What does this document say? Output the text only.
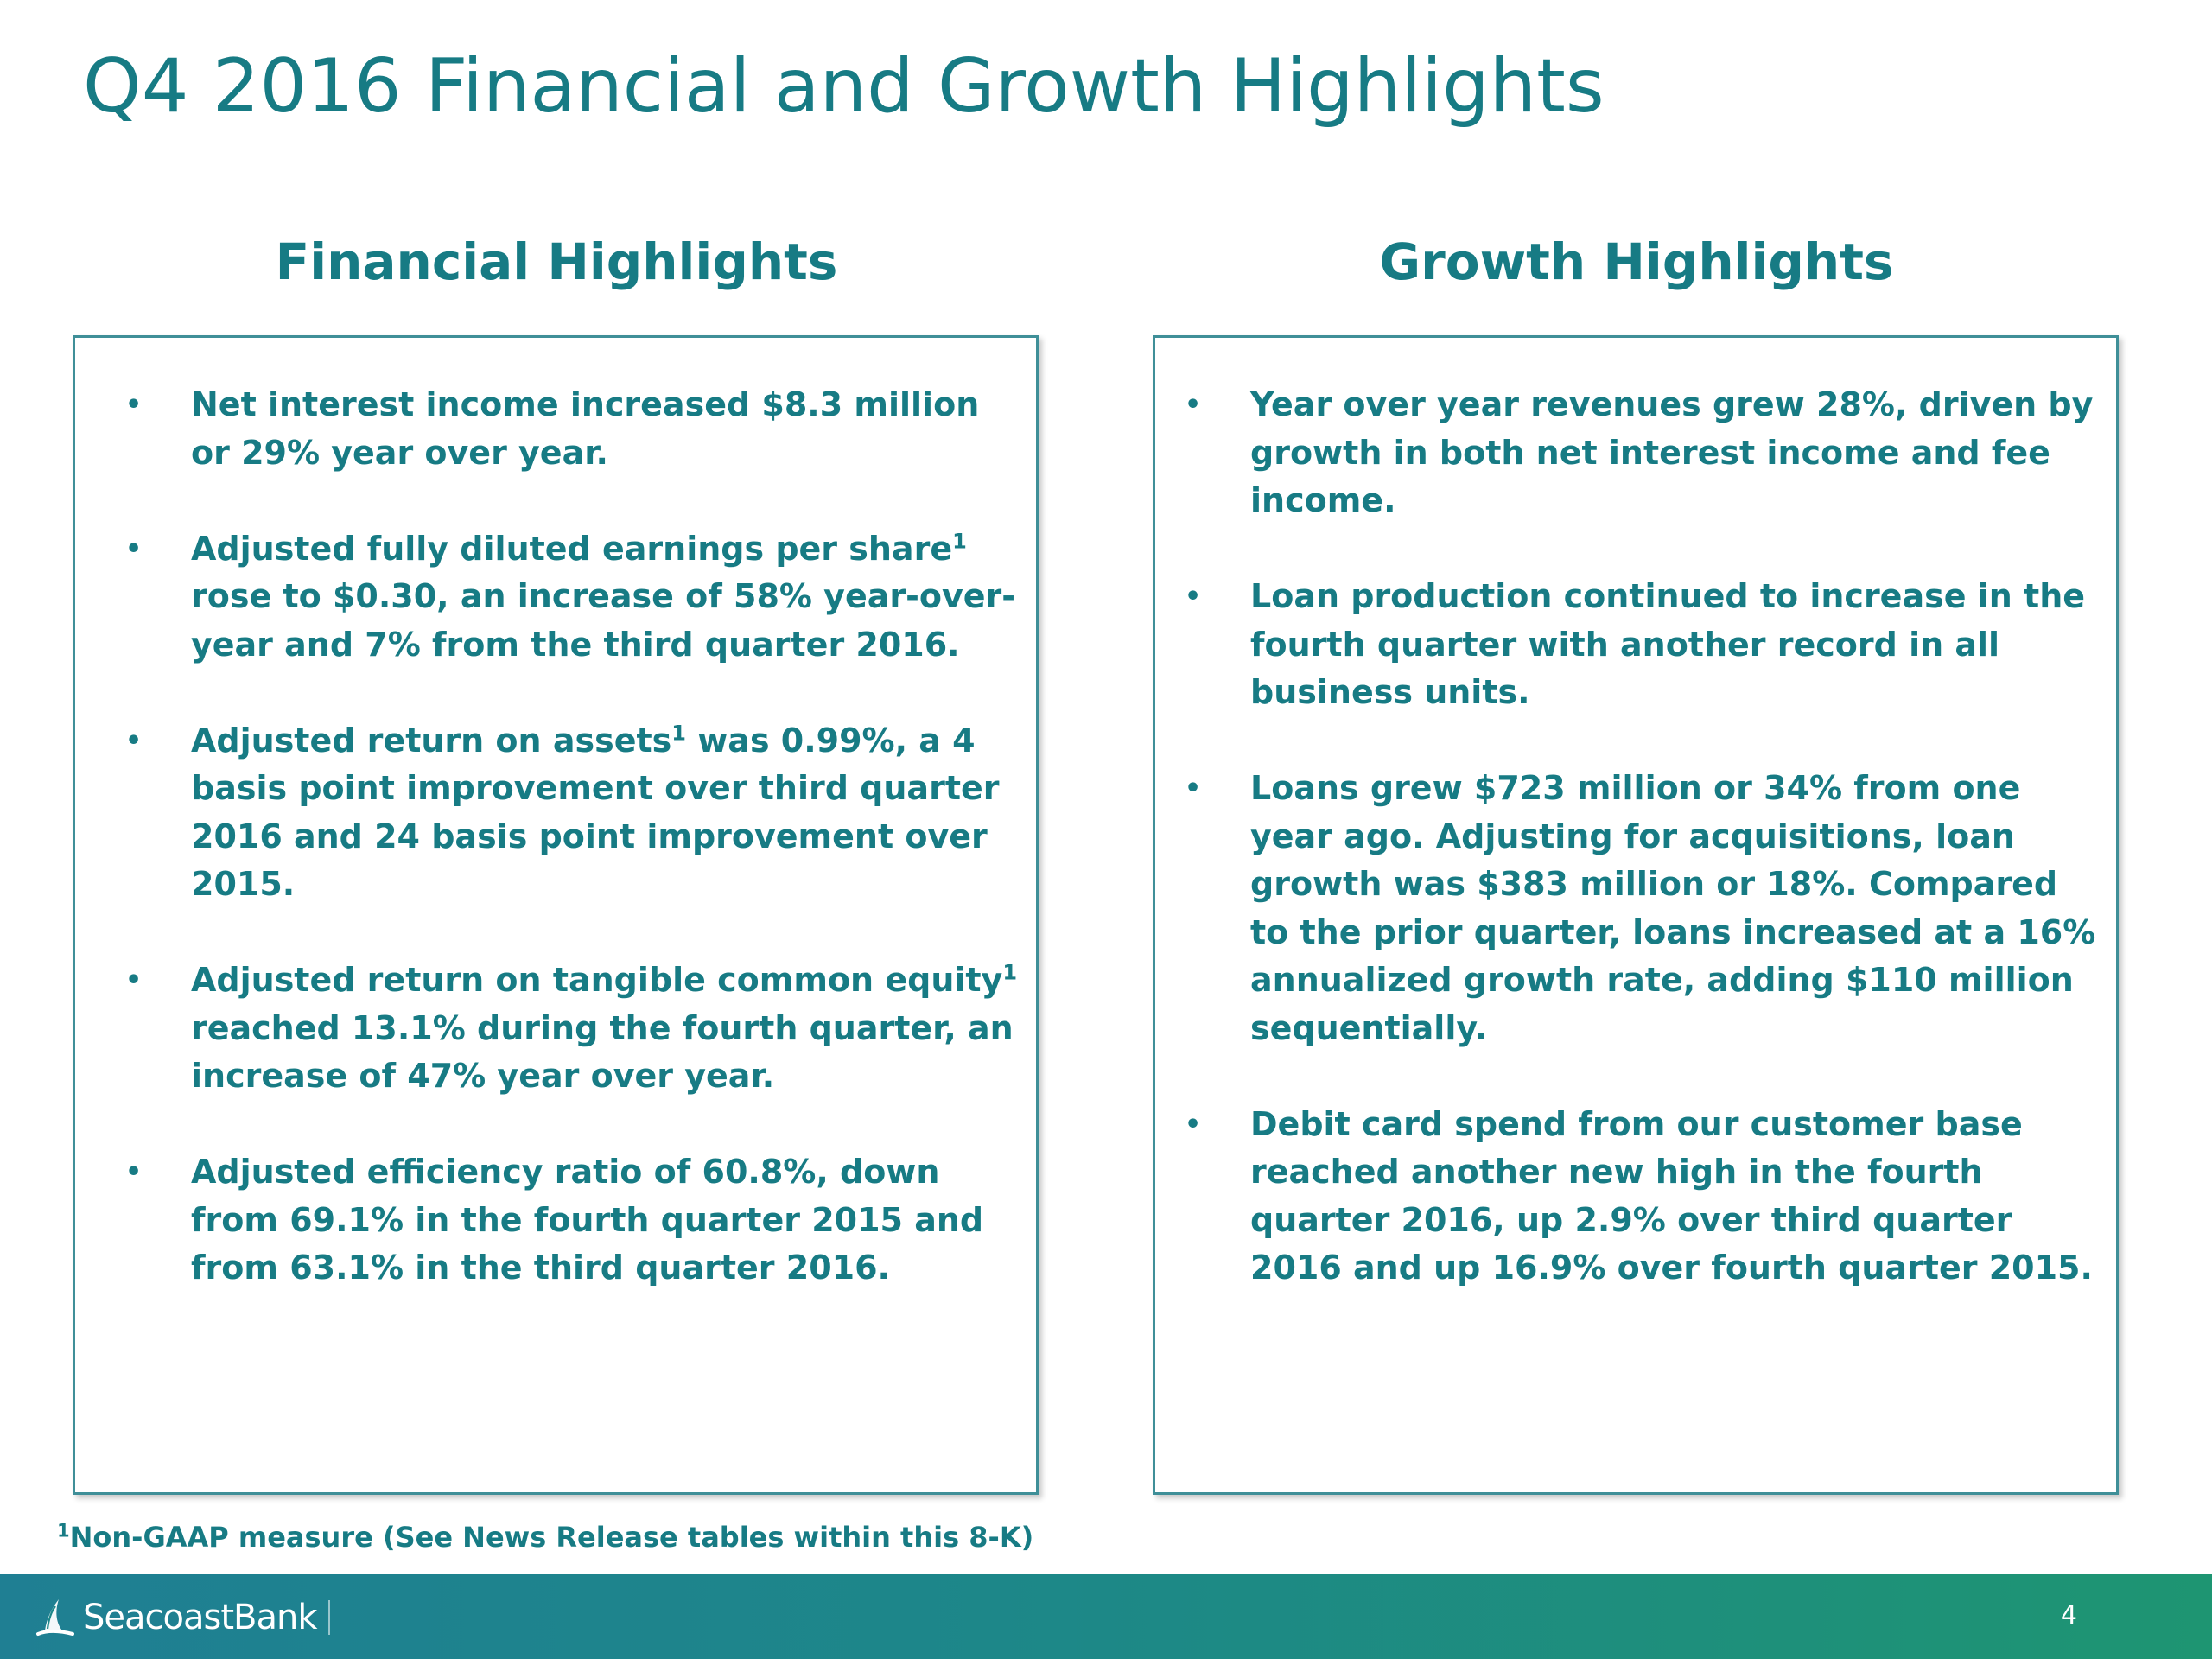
Q4 2016 Financial and Growth Highlights
Financial Highlights	Growth Highlights
• Net interest income increased $8.3 million or 29% year over year.
• Adjusted fully diluted earnings per share$^1$ rose to $0.30, an increase of 58% year-over-year and 7% from the third quarter 2016.
• Adjusted return on assets$^1$ was 0.99%, a 4 basis point improvement over third quarter 2016 and 24 basis point improvement over 2015.
• Adjusted return on tangible common equity$^1$ reached 13.1% during the fourth quarter, an increase of 47% year over year.
• Adjusted efficiency ratio of 60.8%, down from 69.1% in the fourth quarter 2015 and from 63.1% in the third quarter 2016.
• Year over year revenues grew 28%, driven by growth in both net interest income and fee income.
• Loan production continued to increase in the fourth quarter with another record in all business units.
• Loans grew $723 million or 34% from one year ago. Adjusting for acquisitions, loan growth was $383 million or 18%. Compared to the prior quarter, loans increased at a 16% annualized growth rate, adding $110 million sequentially.
• Debit card spend from our customer base reached another new high in the fourth quarter 2016, up 2.9% over third quarter 2016 and up 16.9% over fourth quarter 2015.

$^1$Non-GAAP measure (See News Release tables within this 8-K)

SeacoastBank	4
